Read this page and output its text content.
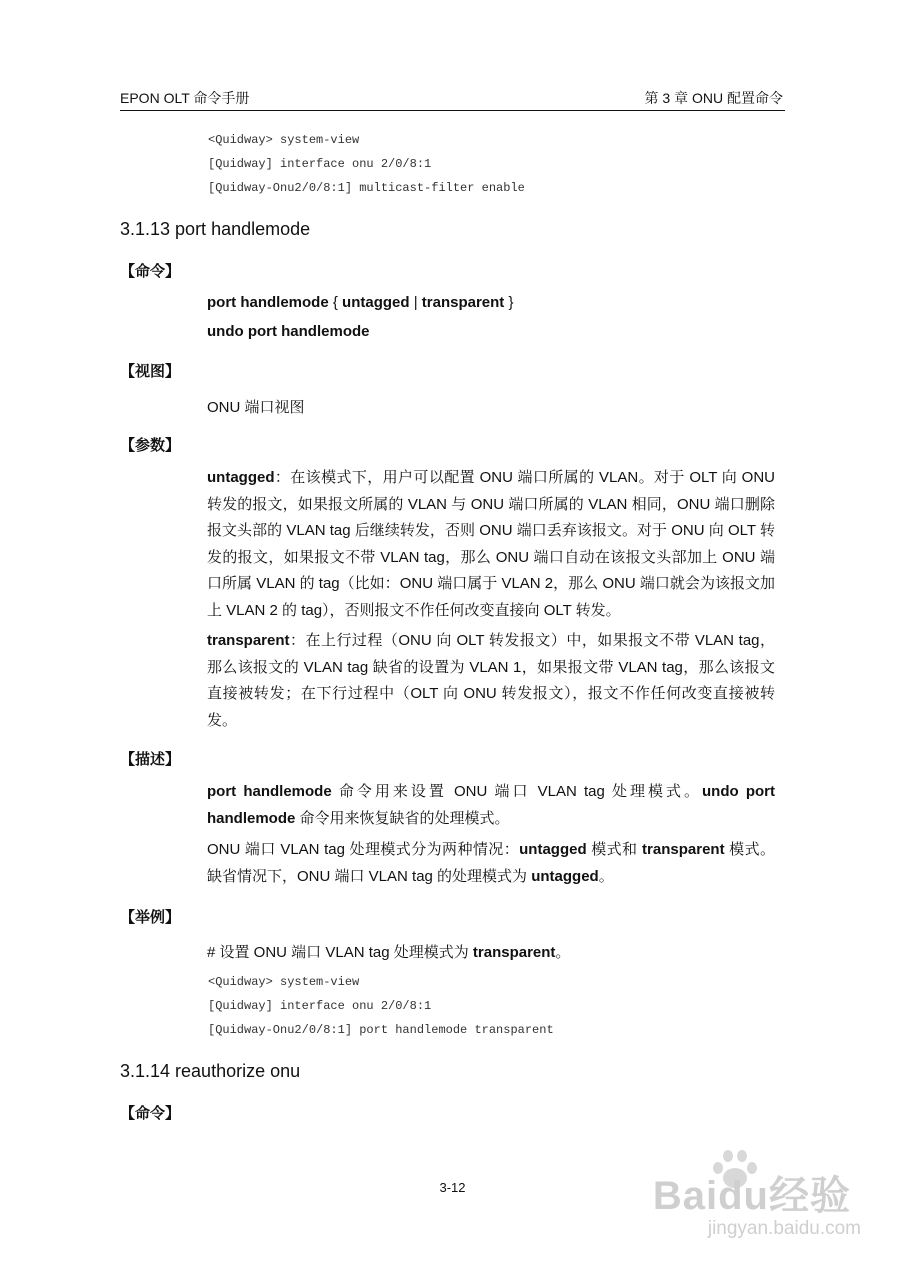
EPON OLT 命令手册	第 3 章 ONU 配置命令
<Quidway> system-view
[Quidway] interface onu 2/0/8:1
[Quidway-Onu2/0/8:1] multicast-filter enable
3.1.13 port handlemode
【命令】
port handlemode { untagged | transparent }
undo port handlemode
【视图】
ONU 端口视图
【参数】
untagged：在该模式下，用户可以配置 ONU 端口所属的 VLAN。对于 OLT 向 ONU 转发的报文，如果报文所属的 VLAN 与 ONU 端口所属的 VLAN 相同，ONU 端口删除报文头部的 VLAN tag 后继续转发，否则 ONU 端口丢弃该报文。对于 ONU 向 OLT 转发的报文，如果报文不带 VLAN tag，那么 ONU 端口自动在该报文头部加上 ONU 端口所属 VLAN 的 tag（比如：ONU 端口属于 VLAN 2，那么 ONU 端口就会为该报文加上 VLAN 2 的 tag），否则报文不作任何改变直接向 OLT 转发。
transparent：在上行过程（ONU 向 OLT 转发报文）中，如果报文不带 VLAN tag，那么该报文的 VLAN tag 缺省的设置为 VLAN 1，如果报文带 VLAN tag，那么该报文直接被转发；在下行过程中（OLT 向 ONU 转发报文），报文不作任何改变直接被转发。
【描述】
port handlemode 命令用来设置 ONU 端口 VLAN tag 处理模式。undo port handlemode 命令用来恢复缺省的处理模式。
ONU 端口 VLAN tag 处理模式分为两种情况：untagged 模式和 transparent 模式。缺省情况下，ONU 端口 VLAN tag 的处理模式为 untagged。
【举例】
# 设置 ONU 端口 VLAN tag 处理模式为 transparent。
<Quidway> system-view
[Quidway] interface onu 2/0/8:1
[Quidway-Onu2/0/8:1] port handlemode transparent
3.1.14 reauthorize onu
【命令】
3-12	Baidu经验
jingyan.baidu.com
